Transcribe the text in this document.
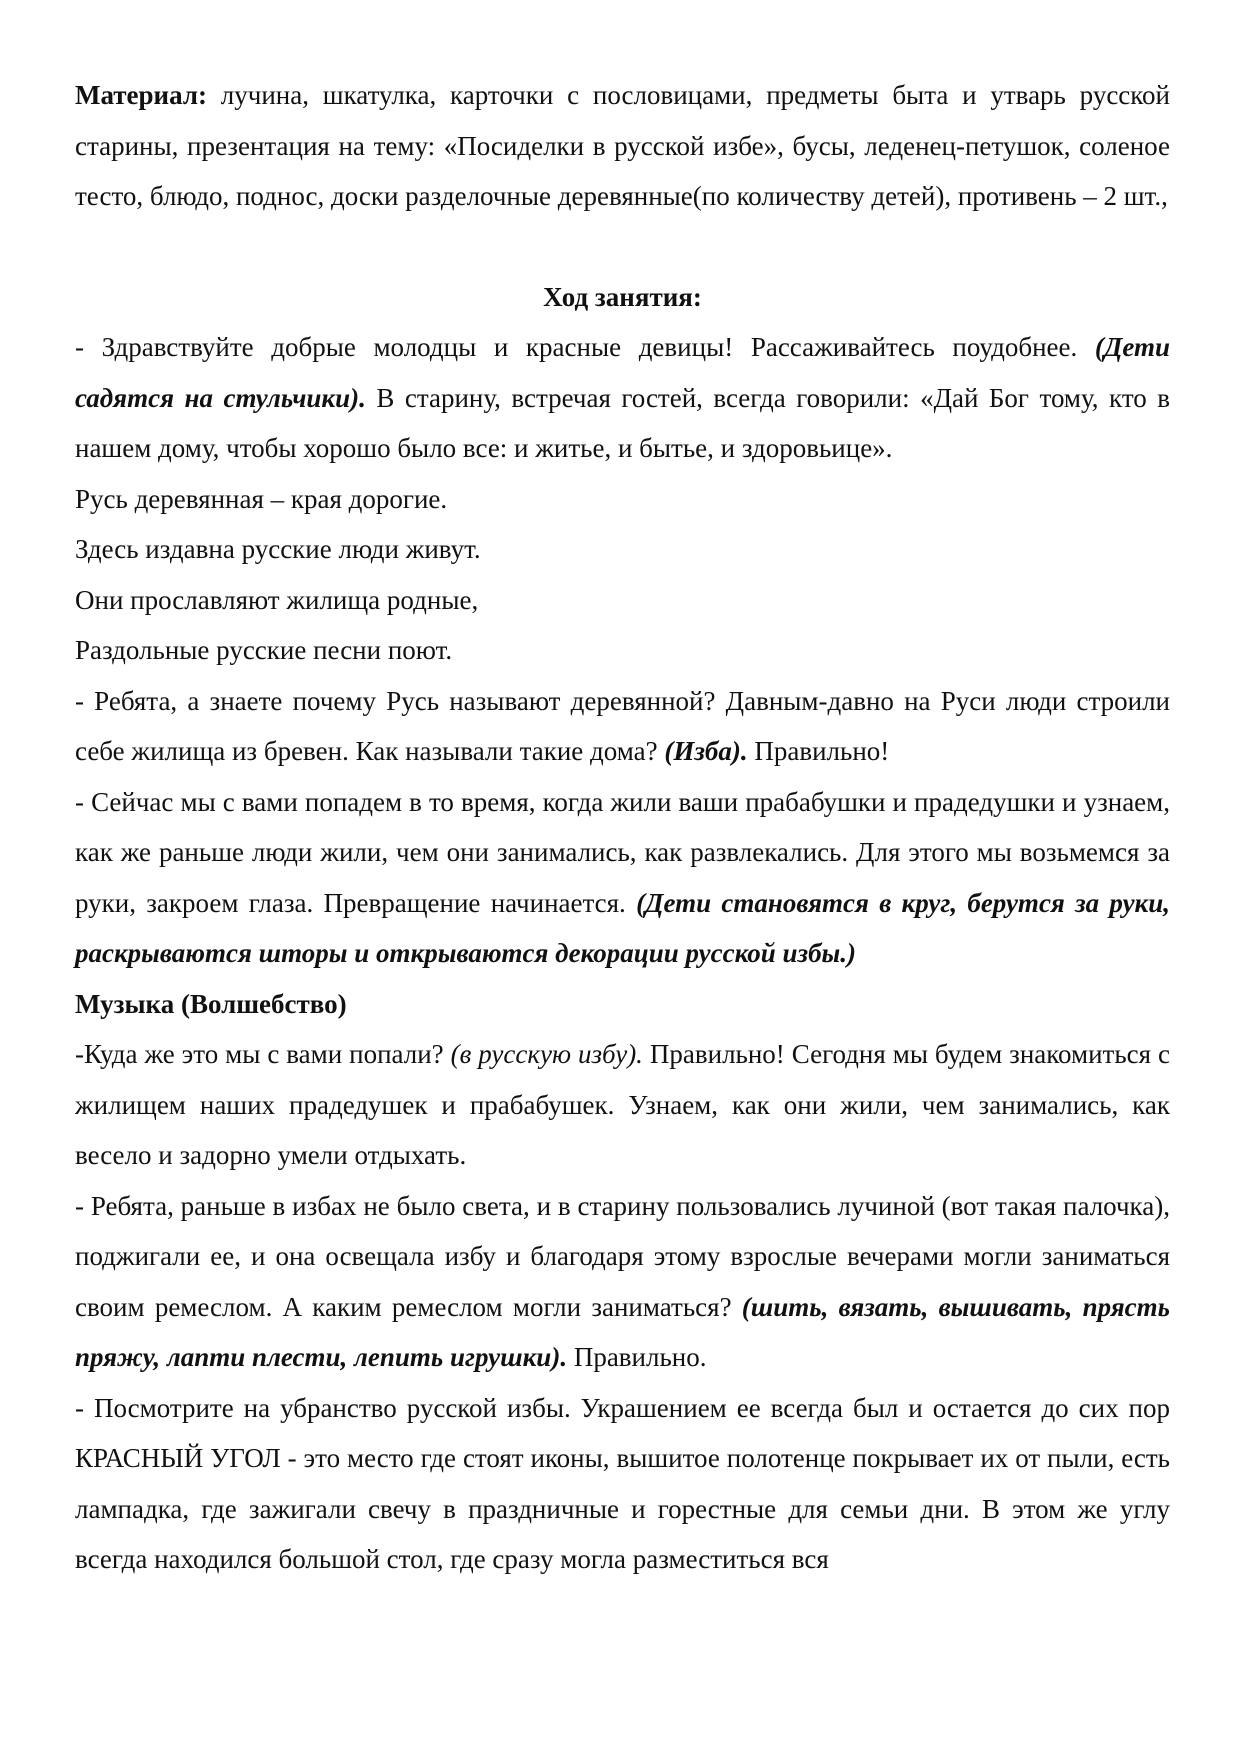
Материал: лучина, шкатулка, карточки с пословицами, предметы быта и утварь русской старины, презентация на тему: «Посиделки в русской избе», бусы, леденец-петушок, соленое тесто, блюдо, поднос, доски разделочные деревянные(по количеству детей), противень – 2 шт.,

Ход занятия:

- Здравствуйте добрые молодцы и красные девицы! Рассаживайтесь поудобнее. (Дети садятся на стульчики). В старину, встречая гостей, всегда говорили: «Дай Бог тому, кто в нашем дому, чтобы хорошо было все: и житье, и бытье, и здоровьице».

Русь деревянная – края дорогие.

Здесь издавна русские люди живут.

Они прославляют жилища родные,

Раздольные русские песни поют.

- Ребята, а знаете почему Русь называют деревянной? Давным-давно на Руси люди строили себе жилища из бревен. Как называли такие дома? (Изба). Правильно!

- Сейчас мы с вами попадем в то время, когда жили ваши прабабушки и прадедушки и узнаем, как же раньше люди жили, чем они занимались, как развлекались. Для этого мы возьмемся за руки, закроем глаза. Превращение начинается. (Дети становятся в круг, берутся за руки, раскрываются шторы и открываются декорации русской избы.)

Музыка (Волшебство)

-Куда же это мы с вами попали? (в русскую избу). Правильно! Сегодня мы будем знакомиться с жилищем наших прадедушек и прабабушек. Узнаем, как они жили, чем занимались, как весело и задорно умели отдыхать.

- Ребята, раньше в избах не было света, и в старину пользовались лучиной (вот такая палочка), поджигали ее, и она освещала избу и благодаря этому взрослые вечерами могли заниматься своим ремеслом. А каким ремеслом могли заниматься? (шить, вязать, вышивать, прясть пряжу, лапти плести, лепить игрушки). Правильно.

- Посмотрите на убранство русской избы. Украшением ее всегда был и остается до сих пор КРАСНЫЙ УГОЛ - это место где стоят иконы, вышитое полотенце покрывает их от пыли, есть лампадка, где зажигали свечу в праздничные и горестные для семьи дни. В этом же углу всегда находился большой стол, где сразу могла разместиться вся
